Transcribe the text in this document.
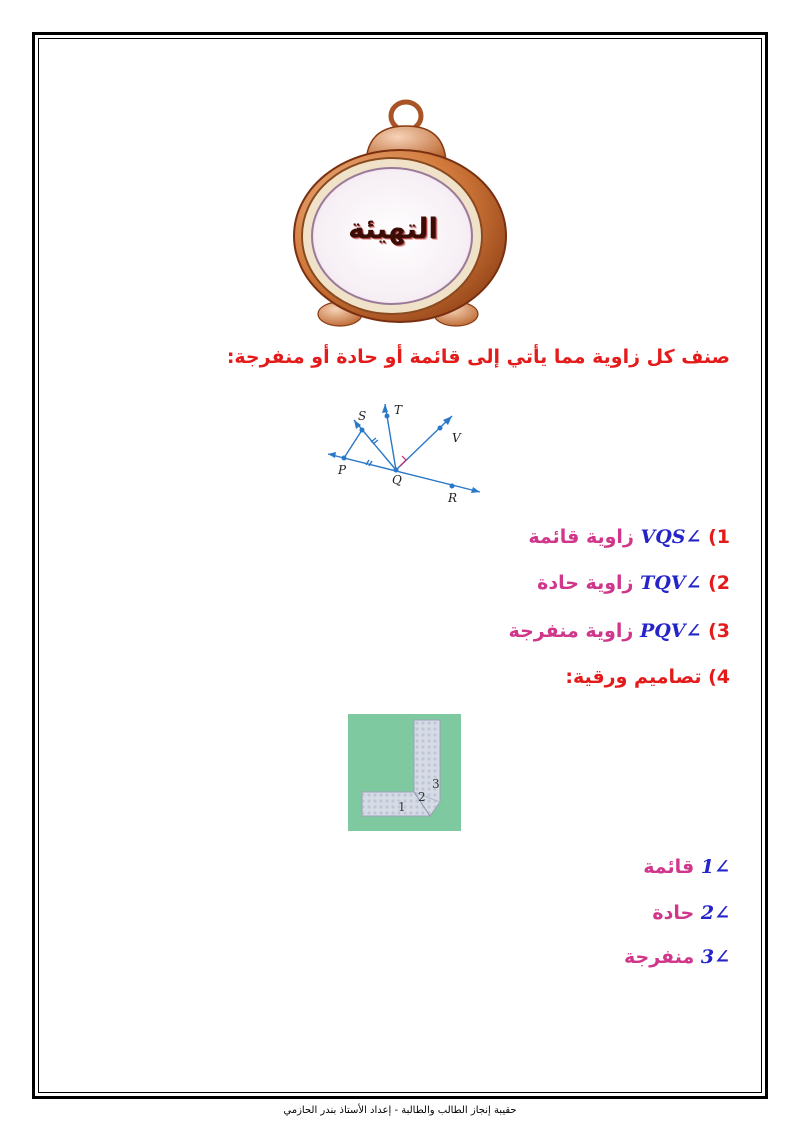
التهيئة
صنف كل زاوية مما يأتي إلى قائمة أو حادة أو منفرجة:
S T
V
P
Q
R
1) ∠VQS زاوية قائمة
2) ∠TQV زاوية حادة
3) ∠PQV زاوية منفرجة
4) تصاميم ورقية:
1
2
3
∠1 قائمة
∠2 حادة
∠3 منفرجة
حقيبة إنجاز الطالب والطالبة - إعداد الأستاذ بندر الحازمي
